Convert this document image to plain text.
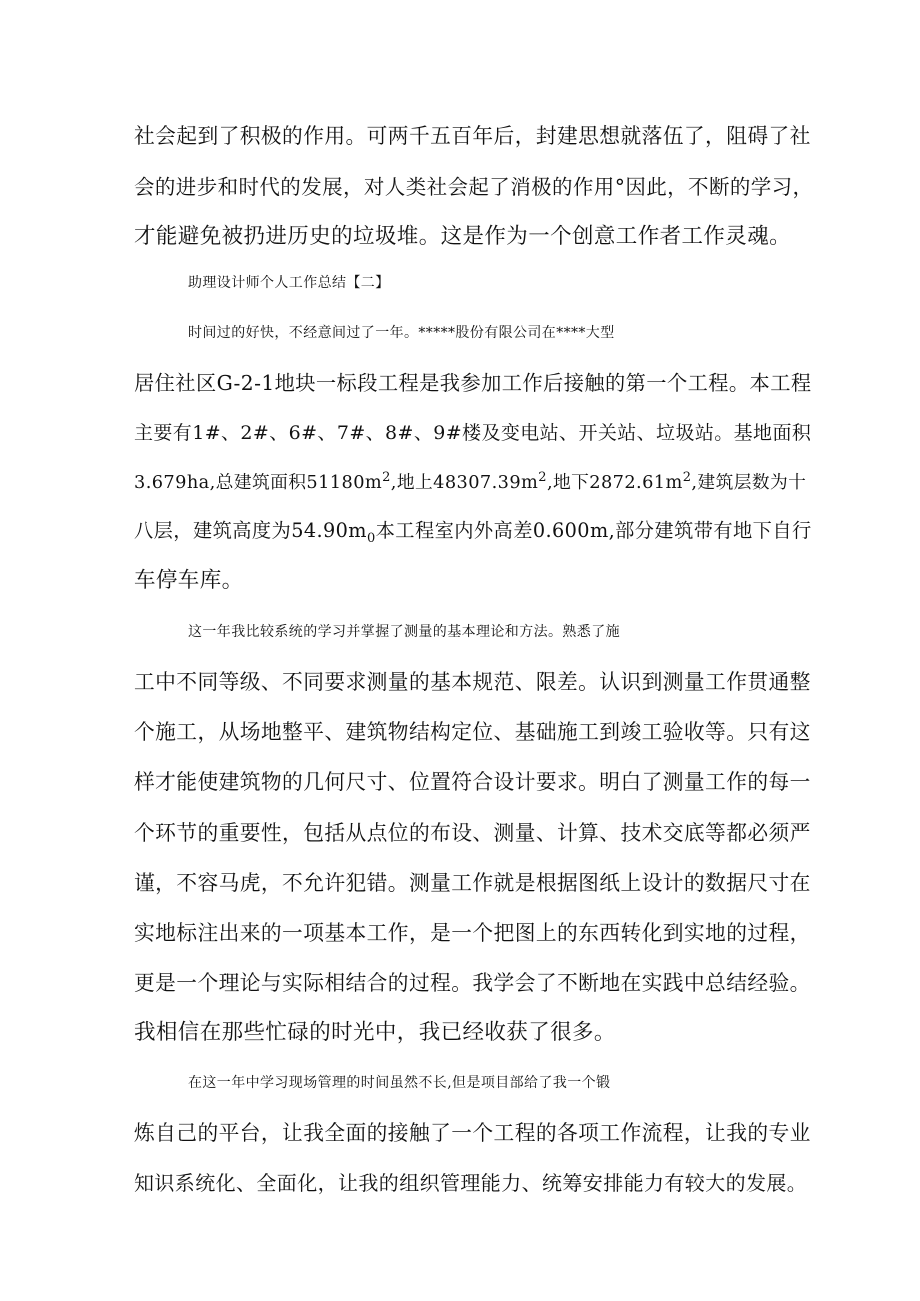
社会起到了积极的作用。可两千五百年后，封建思想就落伍了，阻碍了社
会的进步和时代的发展，对人类社会起了消极的作用°因此，不断的学习，
才能避免被扔进历史的垃圾堆。这是作为一个创意工作者工作灵魂。
助理设计师个人工作总结【二】
时间过的好快，不经意间过了一年。*****股份有限公司在****大型
居住社区G-2-1地块一标段工程是我参加工作后接触的第一个工程。本工程
主要有1#、2#、6#、7#、8#、9#楼及变电站、开关站、垃圾站。基地面积
3.679ha,总建筑面积$51180m^2$,地上$48307.39m^2$,地下$2872.61m^2$,建筑层数为十
八层，建筑高度为$54.90m_0$本工程室内外高差0.600m,部分建筑带有地下自行
车停车库。
这一年我比较系统的学习并掌握了测量的基本理论和方法。熟悉了施
工中不同等级、不同要求测量的基本规范、限差。认识到测量工作贯通整
个施工，从场地整平、建筑物结构定位、基础施工到竣工验收等。只有这
样才能使建筑物的几何尺寸、位置符合设计要求。明白了测量工作的每一
个环节的重要性，包括从点位的布设、测量、计算、技术交底等都必须严
谨，不容马虎，不允许犯错。测量工作就是根据图纸上设计的数据尺寸在
实地标注出来的一项基本工作，是一个把图上的东西转化到实地的过程，
更是一个理论与实际相结合的过程。我学会了不断地在实践中总结经验。
我相信在那些忙碌的时光中，我已经收获了很多。
在这一年中学习现场管理的时间虽然不长,但是项目部给了我一个锻
炼自己的平台，让我全面的接触了一个工程的各项工作流程，让我的专业
知识系统化、全面化，让我的组织管理能力、统筹安排能力有较大的发展。
